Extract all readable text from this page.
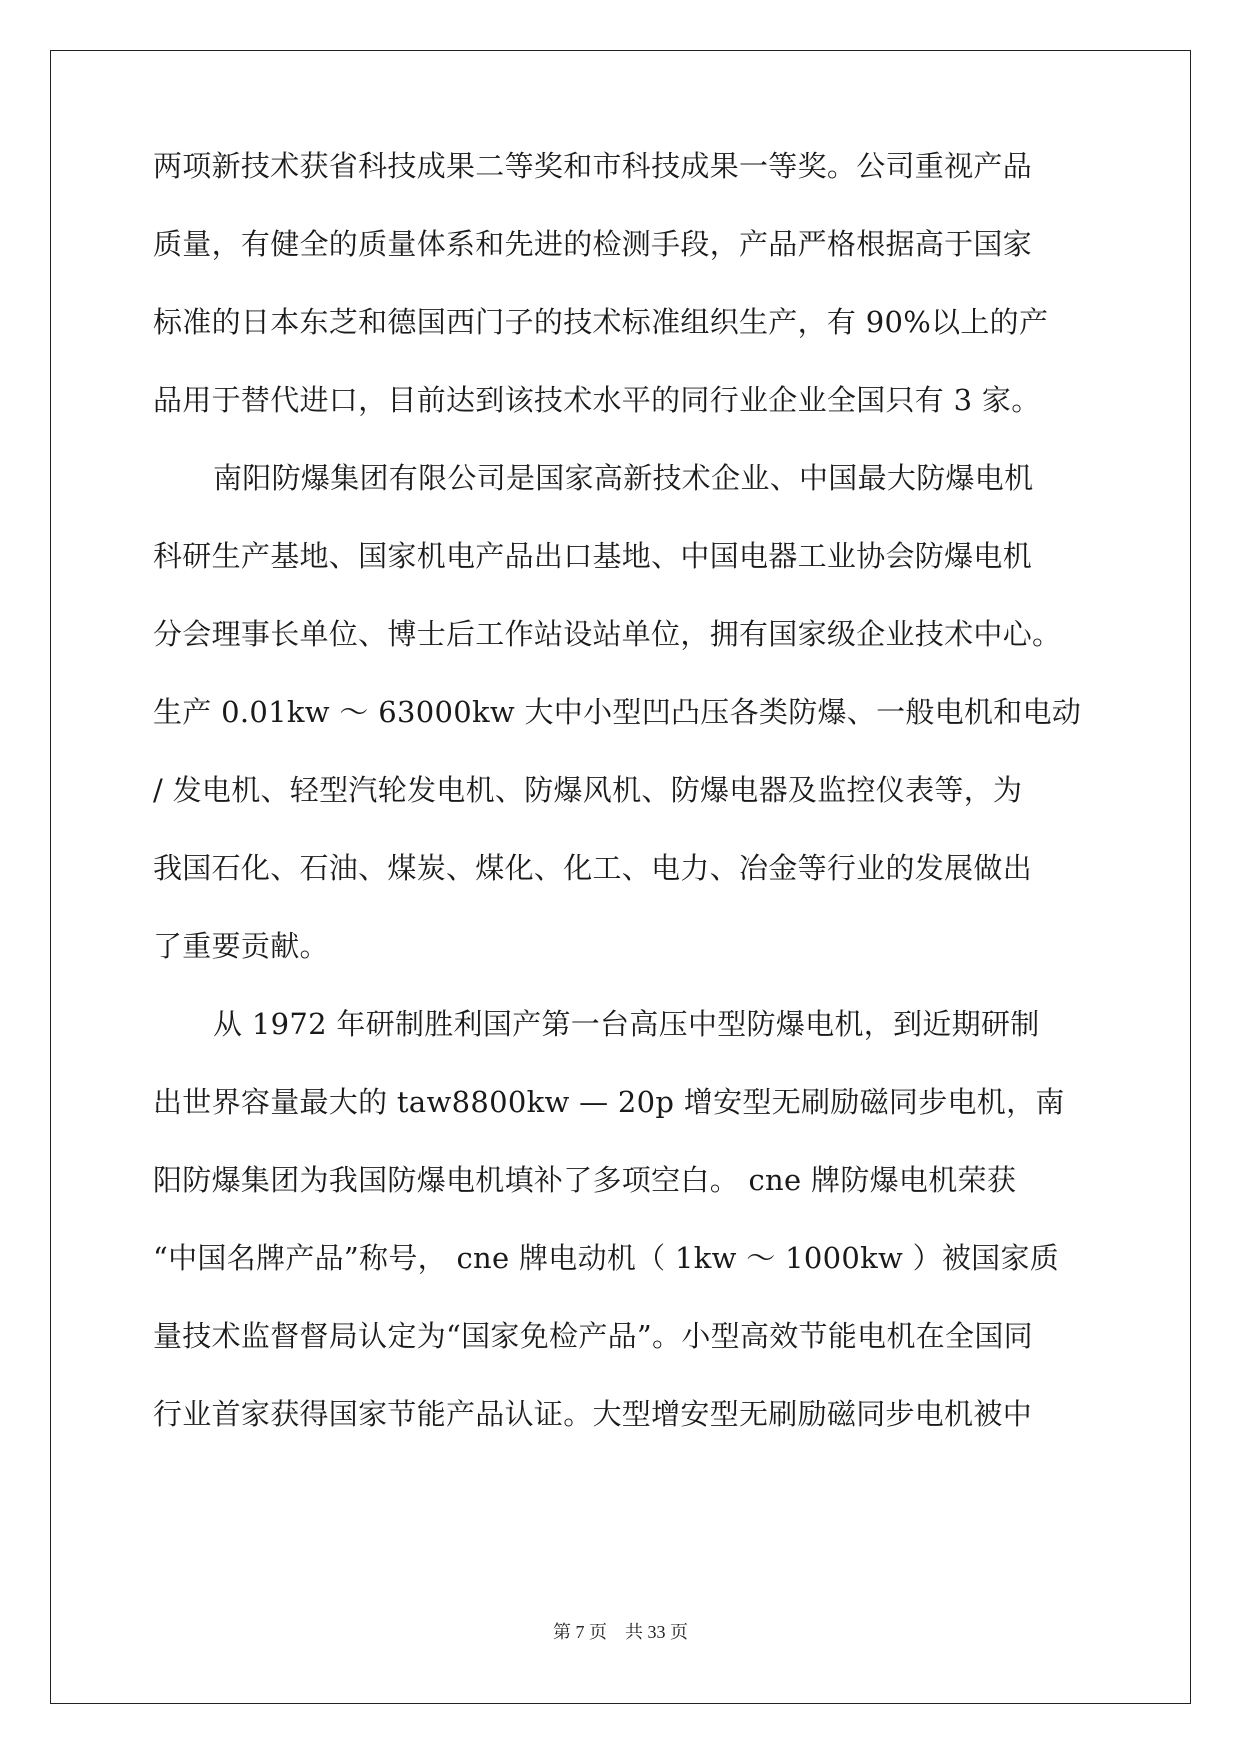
两项新技术获省科技成果二等奖和市科技成果一等奖。公司重视产品
质量，有健全的质量体系和先进的检测手段，产品严格根据高于国家
标准的日本东芝和德国西门子的技术标准组织生产，有 90%以上的产
品用于替代进口，目前达到该技术水平的同行业企业全国只有 3 家。
南阳防爆集团有限公司是国家高新技术企业、中国最大防爆电机
科研生产基地、国家机电产品出口基地、中国电器工业协会防爆电机
分会理事长单位、博士后工作站设站单位，拥有国家级企业技术中心。
生产 0.01kw ～ 63000kw 大中小型凹凸压各类防爆、一般电机和电动
/ 发电机、轻型汽轮发电机、防爆风机、防爆电器及监控仪表等，为
我国石化、石油、煤炭、煤化、化工、电力、冶金等行业的发展做出
了重要贡献。
从 1972 年研制胜利国产第一台高压中型防爆电机，到近期研制
出世界容量最大的 taw8800kw — 20p 增安型无刷励磁同步电机，南
阳防爆集团为我国防爆电机填补了多项空白。 cne 牌防爆电机荣获
“中国名牌产品”称号， cne 牌电动机（ 1kw ～ 1000kw ）被国家质
量技术监督督局认定为“国家免检产品”。小型高效节能电机在全国同
行业首家获得国家节能产品认证。大型增安型无刷励磁同步电机被中
第 7 页 共 33 页
